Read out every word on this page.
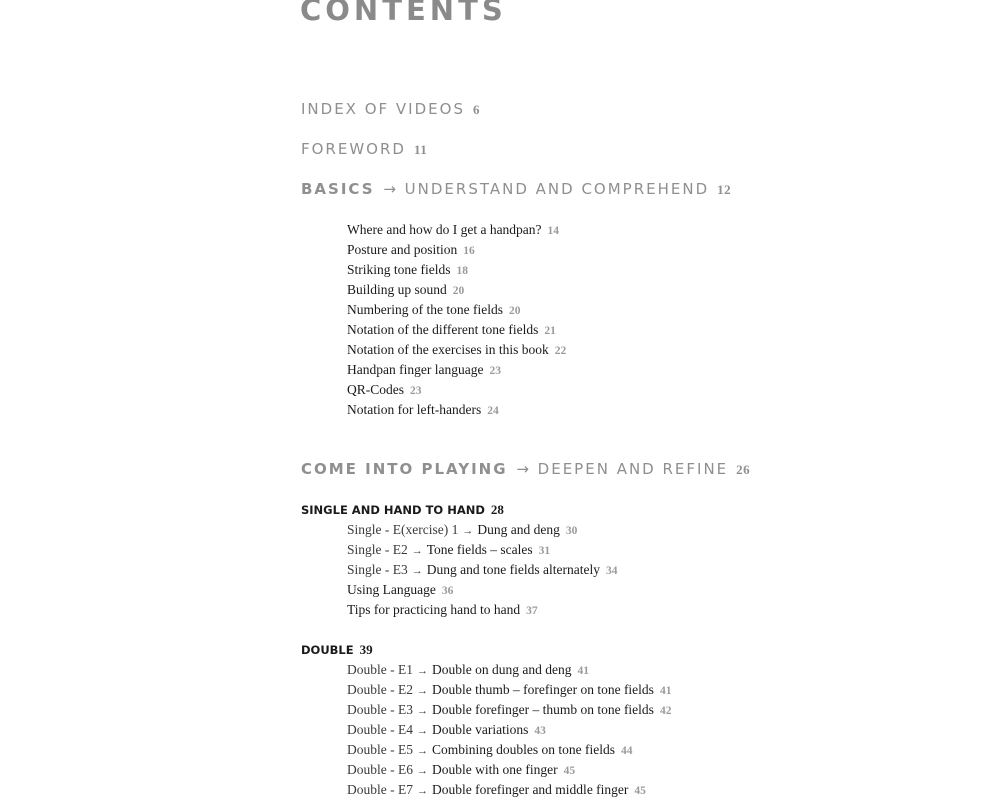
CONTENTS
INDEX OF VIDEOS 6
FOREWORD 11
BASICS → UNDERSTAND AND COMPREHEND 12
Where and how do I get a handpan? 14
Posture and position 16
Striking tone fields 18
Building up sound 20
Numbering of the tone fields 20
Notation of the different tone fields 21
Notation of the exercises in this book 22
Handpan finger language 23
QR-Codes 23
Notation for left-handers 24
COME INTO PLAYING → DEEPEN AND REFINE 26
SINGLE AND HAND TO HAND 28
Single - E(xercise) 1 → Dung and deng 30
Single - E2 → Tone fields – scales 31
Single - E3 → Dung and tone fields alternately 34
Using Language 36
Tips for practicing hand to hand 37
DOUBLE 39
Double - E1 → Double on dung and deng 41
Double - E2 → Double thumb – forefinger on tone fields 41
Double - E3 → Double forefinger – thumb on tone fields 42
Double - E4 → Double variations 43
Double - E5 → Combining doubles on tone fields 44
Double - E6 → Double with one finger 45
Double - E7 → Double forefinger and middle finger 45
